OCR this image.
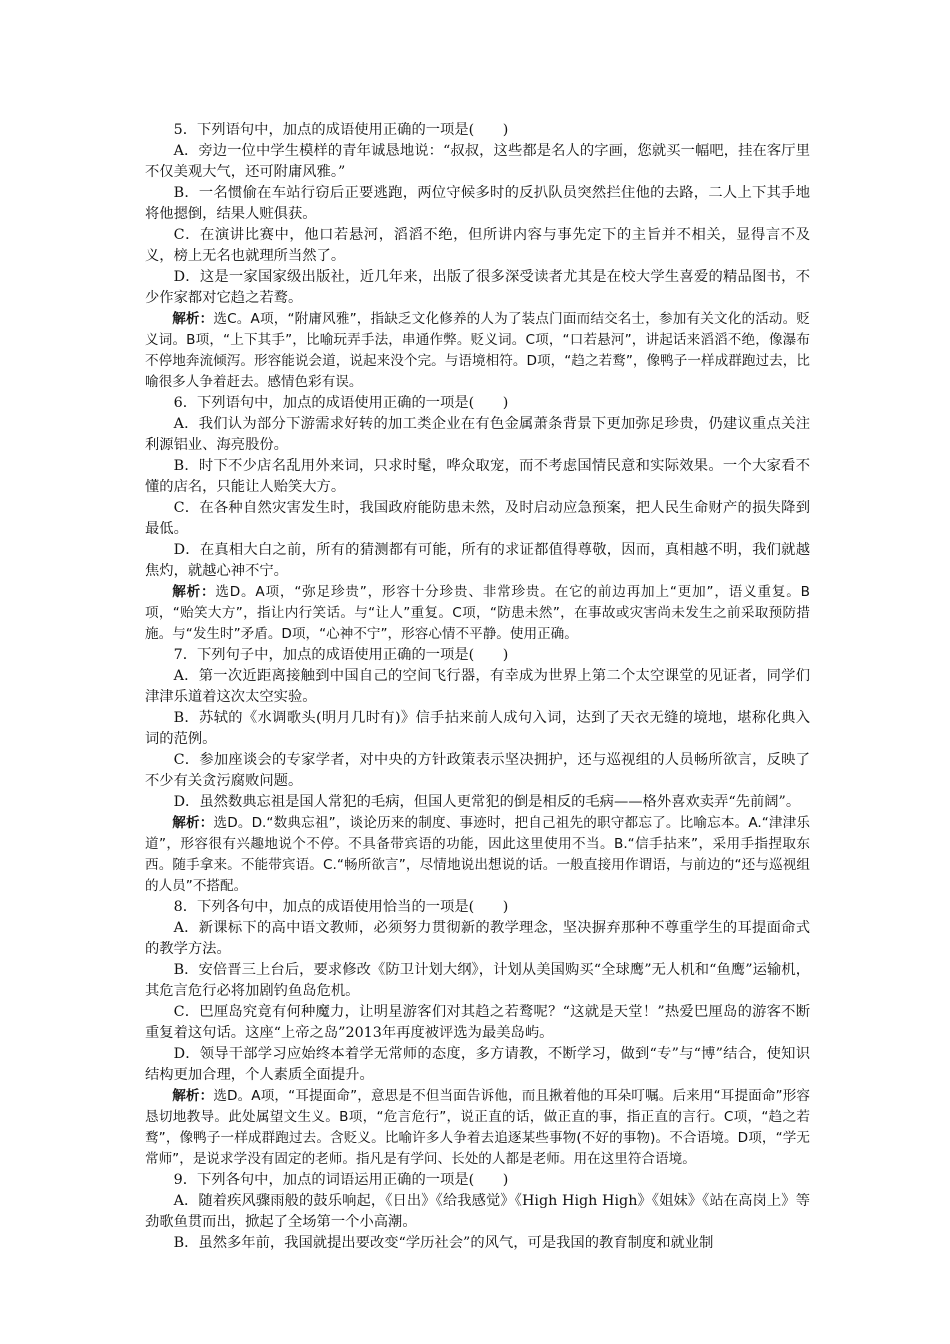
5．下列语句中，加点的成语使用正确的一项是(　　)

A．旁边一位中学生模样的青年诚恳地说：“叔叔，这些都是名人的字画，您就买一幅吧，挂在客厅里不仅美观大气，还可附庸风雅。”

B．一名惯偷在车站行窃后正要逃跑，两位守候多时的反扒队员突然拦住他的去路，二人上下其手地将他摁倒，结果人赃俱获。

C．在演讲比赛中，他口若悬河，滔滔不绝，但所讲内容与事先定下的主旨并不相关，显得言不及义，榜上无名也就理所当然了。

D．这是一家国家级出版社，近几年来，出版了很多深受读者尤其是在校大学生喜爱的精品图书，不少作家都对它趋之若鹜。

解析：选C。A项，“附庸风雅”，指缺乏文化修养的人为了装点门面而结交名士，参加有关文化的活动。贬义词。B项，“上下其手”，比喻玩弄手法，串通作弊。贬义词。C项，“口若悬河”，讲起话来滔滔不绝，像瀑布不停地奔流倾泻。形容能说会道，说起来没个完。与语境相符。D项，“趋之若鹜”，像鸭子一样成群跑过去，比喻很多人争着赶去。感情色彩有误。

6．下列语句中，加点的成语使用正确的一项是(　　)

A．我们认为部分下游需求好转的加工类企业在有色金属萧条背景下更加弥足珍贵，仍建议重点关注利源铝业、海亮股份。

B．时下不少店名乱用外来词，只求时髦，哗众取宠，而不考虑国情民意和实际效果。一个大家看不懂的店名，只能让人贻笑大方。

C．在各种自然灾害发生时，我国政府能防患未然，及时启动应急预案，把人民生命财产的损失降到最低。

D．在真相大白之前，所有的猜测都有可能，所有的求证都值得尊敬，因而，真相越不明，我们就越焦灼，就越心神不宁。

解析：选D。A项，“弥足珍贵”，形容十分珍贵、非常珍贵。在它的前边再加上“更加”，语义重复。B项，“贻笑大方”，指让内行笑话。与“让人”重复。C项，“防患未然”，在事故或灾害尚未发生之前采取预防措施。与“发生时”矛盾。D项，“心神不宁”，形容心情不平静。使用正确。

7．下列句子中，加点的成语使用正确的一项是(　　)

A．第一次近距离接触到中国自己的空间飞行器，有幸成为世界上第二个太空课堂的见证者，同学们津津乐道着这次太空实验。

B．苏轼的《水调歌头(明月几时有)》信手拈来前人成句入词，达到了天衣无缝的境地，堪称化典入词的范例。

C．参加座谈会的专家学者，对中央的方针政策表示坚决拥护，还与巡视组的人员畅所欲言，反映了不少有关贪污腐败问题。

D．虽然数典忘祖是国人常犯的毛病，但国人更常犯的倒是相反的毛病——格外喜欢卖弄“先前阔”。

解析：选D。D.“数典忘祖”，谈论历来的制度、事迹时，把自己祖先的职守都忘了。比喻忘本。A.“津津乐道”，形容很有兴趣地说个不停。不具备带宾语的功能，因此这里使用不当。B.“信手拈来”，采用手指捏取东西。随手拿来。不能带宾语。C.“畅所欲言”，尽情地说出想说的话。一般直接用作谓语，与前边的“还与巡视组的人员”不搭配。

8．下列各句中，加点的成语使用恰当的一项是(　　)

A．新课标下的高中语文教师，必须努力贯彻新的教学理念，坚决摒弃那种不尊重学生的耳提面命式的教学方法。

B．安倍晋三上台后，要求修改《防卫计划大纲》，计划从美国购买“全球鹰”无人机和“鱼鹰”运输机，其危言危行必将加剧钓鱼岛危机。

C．巴厘岛究竟有何种魔力，让明星游客们对其趋之若鹜呢？“这就是天堂！”热爱巴厘岛的游客不断重复着这句话。这座“上帝之岛”2013年再度被评选为最美岛屿。

D．领导干部学习应始终本着学无常师的态度，多方请教，不断学习，做到“专”与“博”结合，使知识结构更加合理，个人素质全面提升。

解析：选D。A项，“耳提面命”，意思是不但当面告诉他，而且揪着他的耳朵叮嘱。后来用“耳提面命”形容恳切地教导。此处属望文生义。B项，“危言危行”，说正直的话，做正直的事，指正直的言行。C项，“趋之若鹜”，像鸭子一样成群跑过去。含贬义。比喻许多人争着去追逐某些事物(不好的事物)。不合语境。D项，“学无常师”，是说求学没有固定的老师。指凡是有学问、长处的人都是老师。用在这里符合语境。

9．下列各句中，加点的词语运用正确的一项是(　　)

A．随着疾风骤雨般的鼓乐响起，《日出》《给我感觉》《High High High》《姐妹》《站在高岗上》等劲歌鱼贯而出，掀起了全场第一个小高潮。

B．虽然多年前，我国就提出要改变“学历社会”的风气，可是我国的教育制度和就业制
